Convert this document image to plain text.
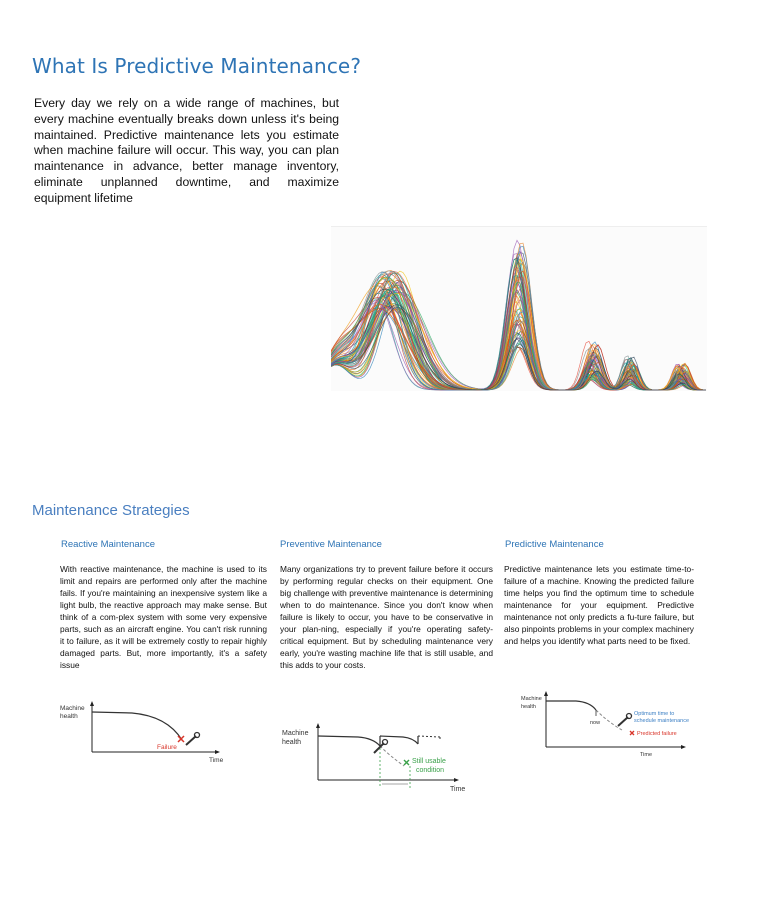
What Is Predictive Maintenance?

Every day we rely on a wide range of machines, but every machine eventually breaks down unless it's being maintained. Predictive maintenance lets you estimate when machine failure will occur. This way, you can plan maintenance in advance, better manage inventory, eliminate unplanned downtime, and maximize equipment lifetime

Maintenance Strategies
Reactive Maintenance

With reactive maintenance, the machine is used to its limit and repairs are performed only after the machine fails. If you're maintaining an inexpensive system like a light bulb, the reactive approach may make sense. But think of a com-plex system with some very expensive parts, such as an aircraft engine. You can't risk running it to failure, as it will be extremely costly to repair highly damaged parts. But, more importantly, it's a safety issue

Machine
health
Time
Failure
Preventive Maintenance

Many organizations try to prevent failure before it occurs by performing regular checks on their equipment. One big challenge with preventive maintenance is determining when to do maintenance. Since you don't know when failure is likely to occur, you have to be conservative in your plan-ning, especially if you're operating safety-critical equipment. But by scheduling maintenance very early, you're wasting machine life that is still usable, and this adds to your costs.

Machine
health
Time
Still usable
condition
Predictive Maintenance

Predictive maintenance lets you estimate time-to-failure of a machine. Knowing the predicted failure time helps you find the optimum time to schedule maintenance for your equipment. Predictive maintenance not only predicts a fu-ture failure, but also pinpoints problems in your complex machinery and helps you identify what parts need to be fixed.

Machine
health
Time
now
Optimum time to
schedule maintenance
Predicted failure
